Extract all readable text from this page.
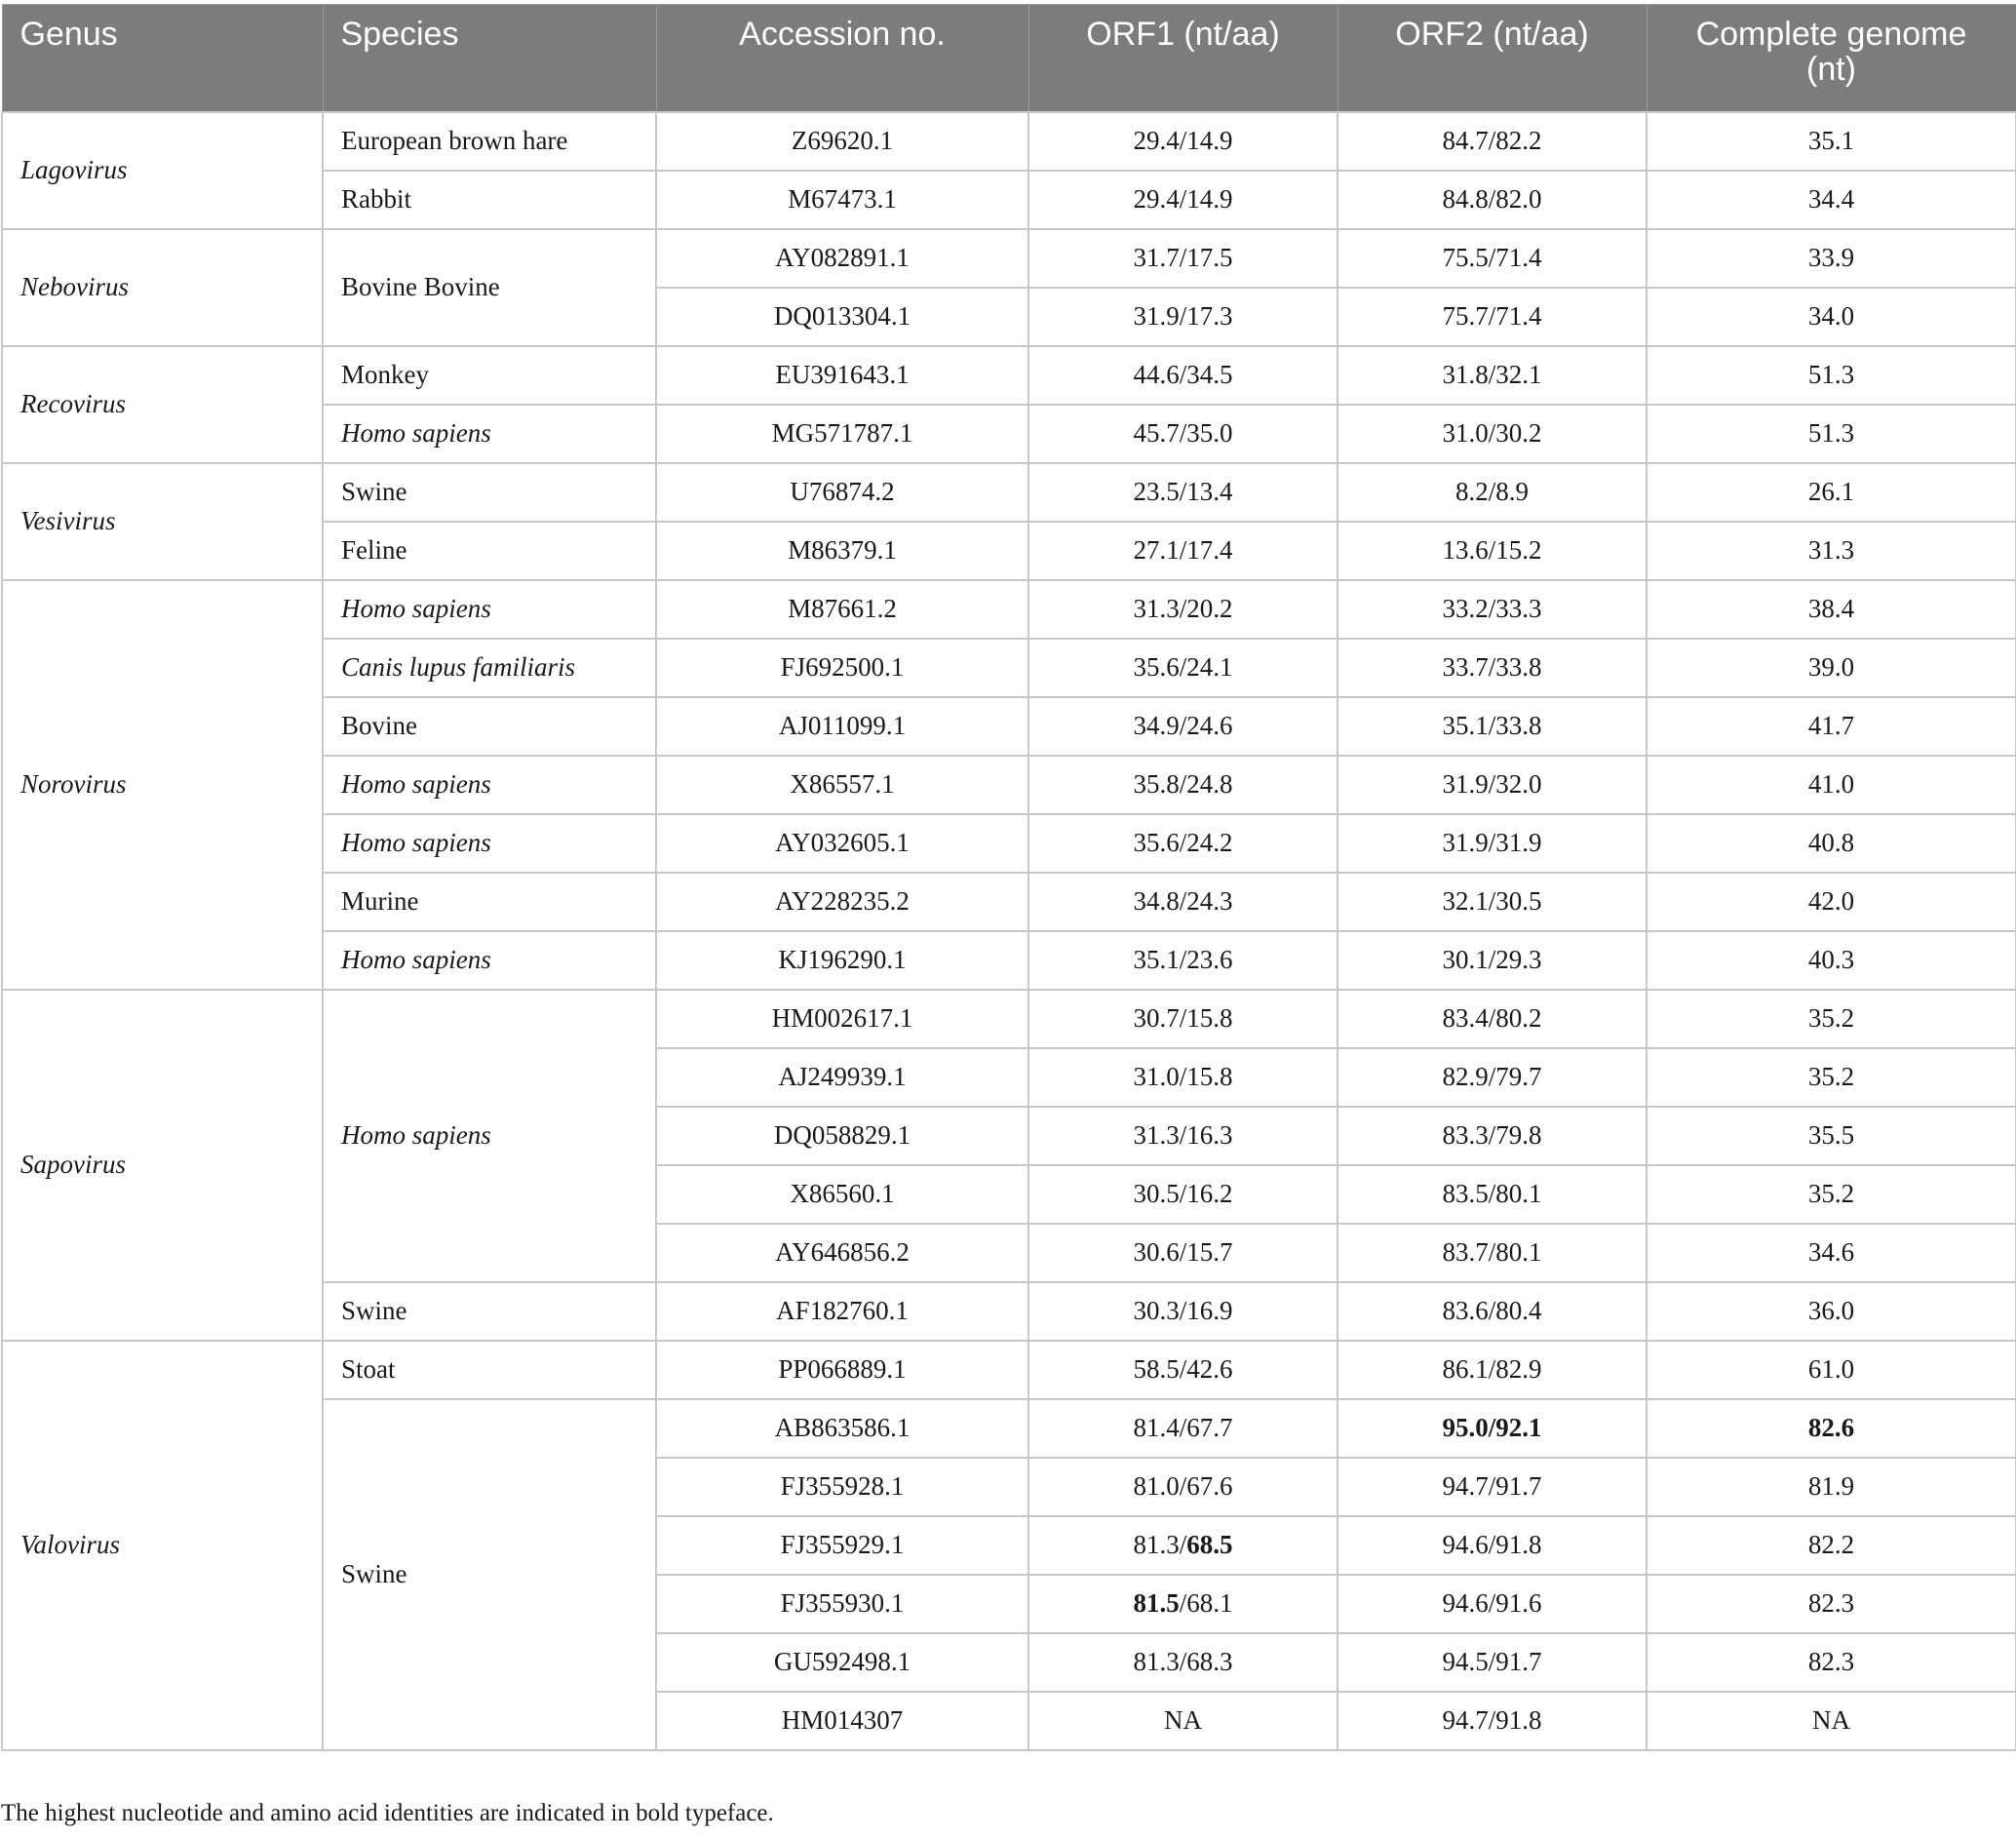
Genus	Species	Accession no.	ORF1 (nt/aa)	ORF2 (nt/aa)	Complete genome
(nt)
Lagovirus	European brown hare	Z69620.1	29.4/14.9	84.7/82.2	35.1
	Rabbit	M67473.1	29.4/14.9	84.8/82.0	34.4
Nebovirus	Bovine Bovine	AY082891.1	31.7/17.5	75.5/71.4	33.9
		DQ013304.1	31.9/17.3	75.7/71.4	34.0
Recovirus	Monkey	EU391643.1	44.6/34.5	31.8/32.1	51.3
	Homo sapiens	MG571787.1	45.7/35.0	31.0/30.2	51.3
Vesivirus	Swine	U76874.2	23.5/13.4	8.2/8.9	26.1
	Feline	M86379.1	27.1/17.4	13.6/15.2	31.3
Norovirus	Homo sapiens	M87661.2	31.3/20.2	33.2/33.3	38.4
	Canis lupus familiaris	FJ692500.1	35.6/24.1	33.7/33.8	39.0
	Bovine	AJ011099.1	34.9/24.6	35.1/33.8	41.7
	Homo sapiens	X86557.1	35.8/24.8	31.9/32.0	41.0
	Homo sapiens	AY032605.1	35.6/24.2	31.9/31.9	40.8
	Murine	AY228235.2	34.8/24.3	32.1/30.5	42.0
	Homo sapiens	KJ196290.1	35.1/23.6	30.1/29.3	40.3
Sapovirus	Homo sapiens	HM002617.1	30.7/15.8	83.4/80.2	35.2
		AJ249939.1	31.0/15.8	82.9/79.7	35.2
		DQ058829.1	31.3/16.3	83.3/79.8	35.5
		X86560.1	30.5/16.2	83.5/80.1	35.2
		AY646856.2	30.6/15.7	83.7/80.1	34.6
	Swine	AF182760.1	30.3/16.9	83.6/80.4	36.0
Valovirus	Stoat	PP066889.1	58.5/42.6	86.1/82.9	61.0
	Swine	AB863586.1	81.4/67.7	95.0/92.1	82.6
		FJ355928.1	81.0/67.6	94.7/91.7	81.9
		FJ355929.1	81.3/68.5	94.6/91.8	82.2
		FJ355930.1	81.5/68.1	94.6/91.6	82.3
		GU592498.1	81.3/68.3	94.5/91.7	82.3
		HM014307	NA	94.7/91.8	NA
The highest nucleotide and amino acid identities are indicated in bold typeface.
